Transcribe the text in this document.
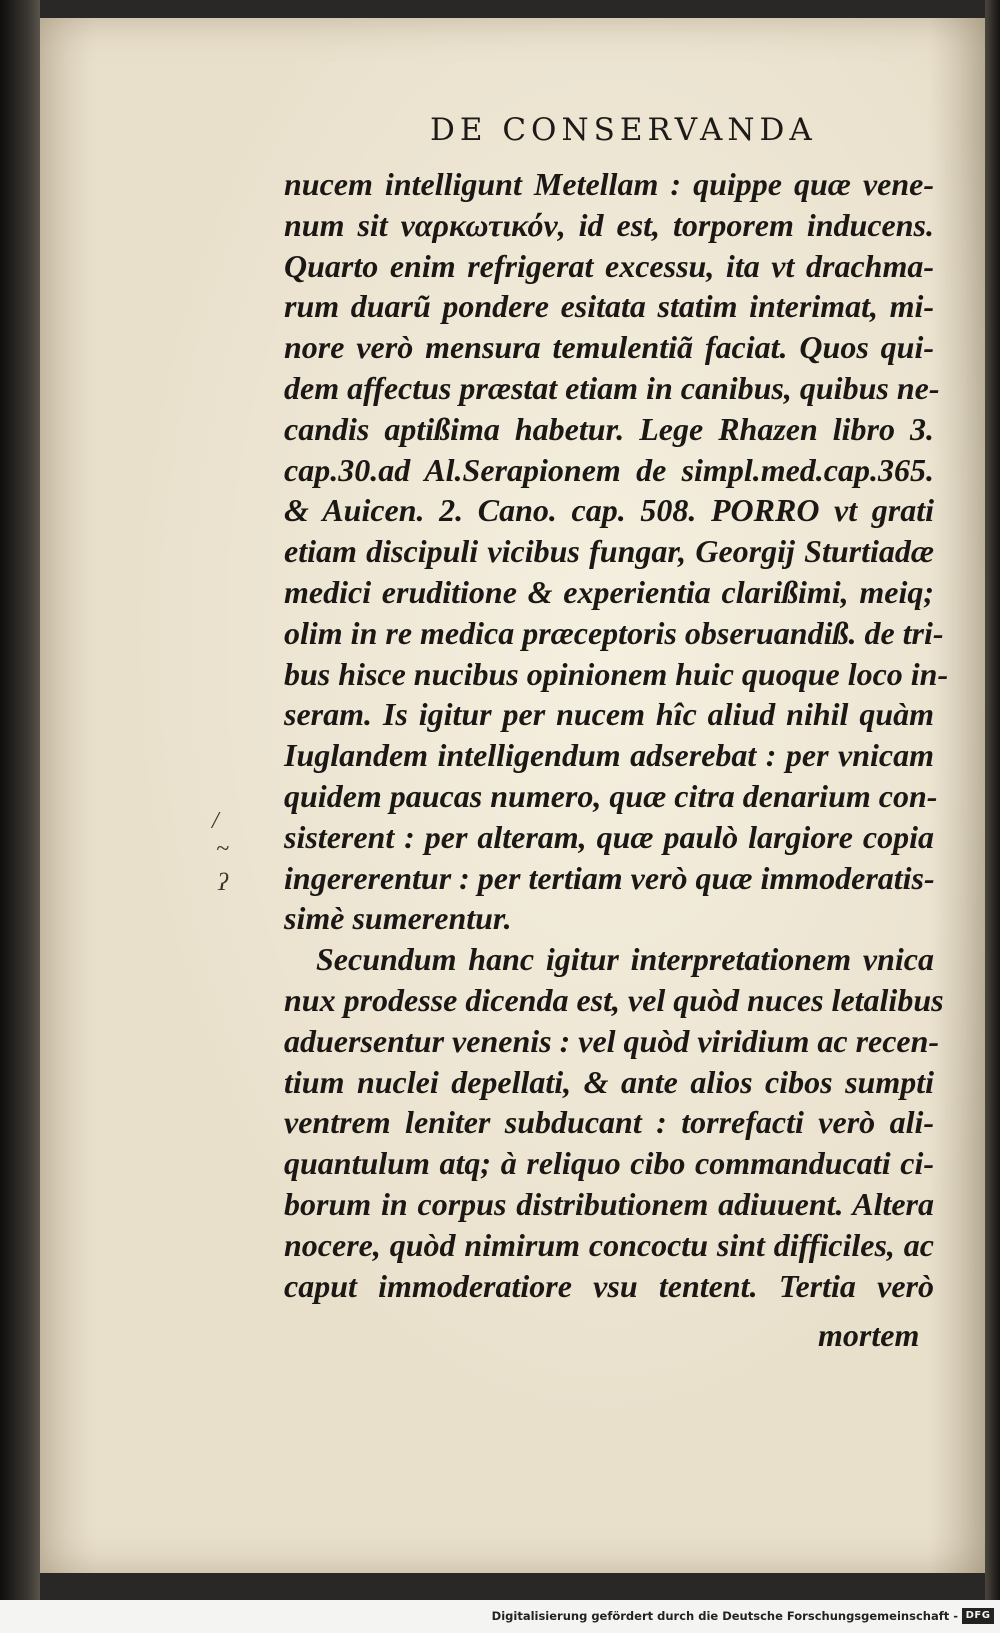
DE CONSERVANDA
nucem intelligunt Metellam : quippe quæ vene-
num sit ναρκωτικόν, id est, torporem inducens.
Quarto enim refrigerat excessu, ita vt drachma-
rum duarũ pondere esitata statim interimat, mi-
nore verò mensura temulentiã faciat. Quos qui-
dem affectus præstat etiam in canibus, quibus ne-
candis aptißima habetur. Lege Rhazen libro 3.
cap.30.ad Al.Serapionem de simpl.med.cap.365.
& Auicen. 2. Cano. cap. 508. PORRO vt grati
etiam discipuli vicibus fungar, Georgij Sturtiadæ
medici eruditione & experientia clarißimi, meiq;
olim in re medica præceptoris obseruandiß. de tri-
bus hisce nucibus opinionem huic quoque loco in-
seram. Is igitur per nucem hîc aliud nihil quàm
Iuglandem intelligendum adserebat : per vnicam
quidem paucas numero, quæ citra denarium con-
sisterent : per alteram, quæ paulò largiore copia
ingererentur : per tertiam verò quæ immoderatis-
simè sumerentur.
Secundum hanc igitur interpretationem vnica
nux prodesse dicenda est, vel quòd nuces letalibus
aduersentur venenis : vel quòd viridium ac recen-
tium nuclei depellati, & ante alios cibos sumpti
ventrem leniter subducant : torrefacti verò ali-
quantulum atq; à reliquo cibo commanducati ci-
borum in corpus distributionem adiuuent. Altera
nocere, quòd nimirum concoctu sint difficiles, ac
caput immoderatiore vsu tentent. Tertia verò
mortem
/
~
ʔ
Digitalisierung gefördert durch die Deutsche Forschungsgemeinschaft - DFG
